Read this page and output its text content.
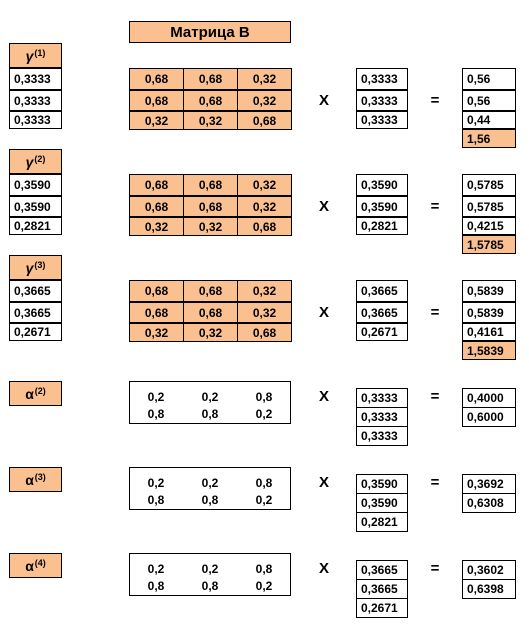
Матрица B
$\gamma^{(1)}$
0,3333
0,3333
0,3333
0,68	0,68	0,32
0,68	0,68	0,32
0,32	0,32	0,68
X	=
0,3333
0,3333
0,3333
0,56
0,56
0,44
1,56
$\gamma^{(2)}$
0,3590
0,3590
0,2821
0,68	0,68	0,32
0,68	0,68	0,32
0,32	0,32	0,68
X	=
0,3590
0,3590
0,2821
0,5785
0,5785
0,4215
1,5785
$\gamma^{(3)}$
0,3665
0,3665
0,2671
0,68	0,68	0,32
0,68	0,68	0,32
0,32	0,32	0,68
X	=
0,3665
0,3665
0,2671
0,5839
0,5839
0,4161
1,5839
$\alpha^{(2)}$	0,2	0,2	0,8
0,8	0,8	0,2
X	=
0,3333
0,3333
0,3333
0,4000
0,6000
$\alpha^{(3)}$	0,2	0,2	0,8
0,8	0,8	0,2
X	=
0,3590
0,3590
0,2821
0,3692
0,6308
$\alpha^{(4)}$	0,2	0,2	0,8
0,8	0,8	0,2
X	=
0,3665
0,3665
0,2671
0,3602
0,6398
